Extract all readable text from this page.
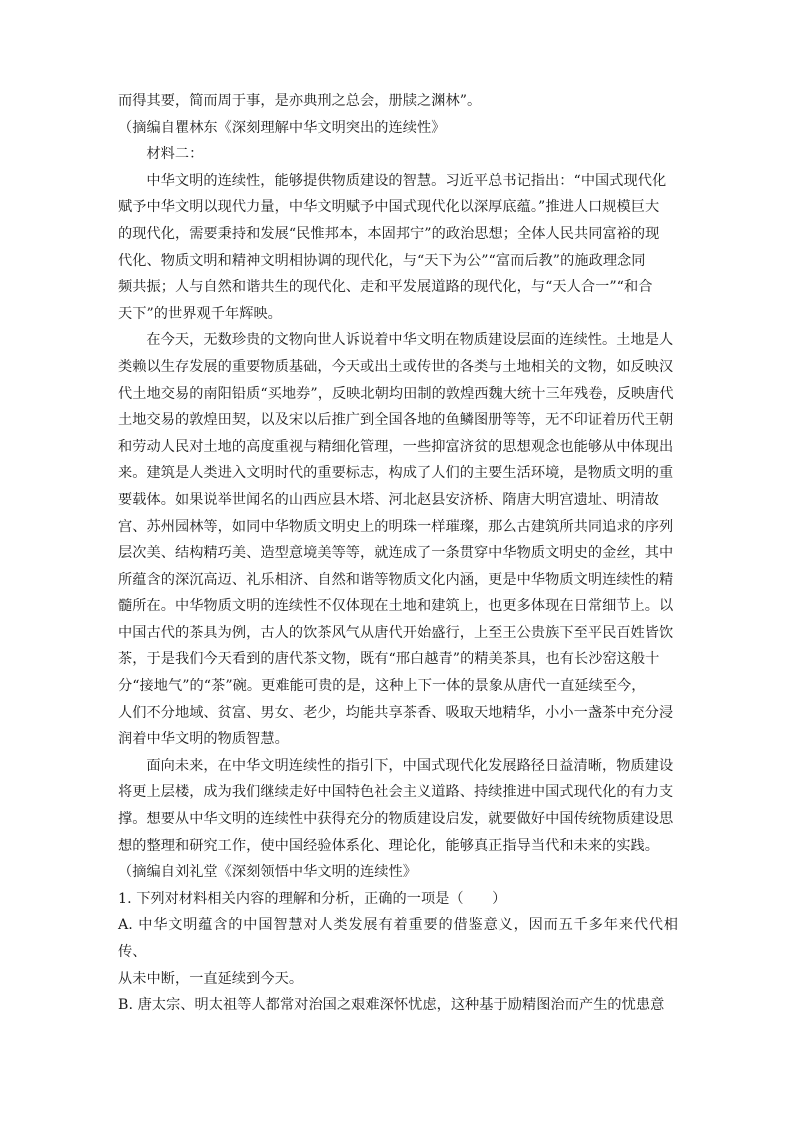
而得其要，简而周于事，是亦典刑之总会，册牍之渊林”。

（摘编自瞿林东《深刻理解中华文明突出的连续性》

材料二：

中华文明的连续性，能够提供物质建设的智慧。习近平总书记指出：“中国式现代化

赋予中华文明以现代力量，中华文明赋予中国式现代化以深厚底蕴。”推进人口规模巨大

的现代化，需要秉持和发展“民惟邦本，本固邦宁”的政治思想；全体人民共同富裕的现

代化、物质文明和精神文明相协调的现代化，与“天下为公”“富而后教”的施政理念同

频共振；人与自然和谐共生的现代化、走和平发展道路的现代化，与“天人合一”“和合

天下”的世界观千年辉映。

在今天，无数珍贵的文物向世人诉说着中华文明在物质建设层面的连续性。土地是人

类赖以生存发展的重要物质基础，今天或出土或传世的各类与土地相关的文物，如反映汉

代土地交易的南阳铅质“买地券”，反映北朝均田制的敦煌西魏大统十三年残卷，反映唐代

土地交易的敦煌田契，以及宋以后推广到全国各地的鱼鳞图册等等，无不印证着历代王朝

和劳动人民对土地的高度重视与精细化管理，一些抑富济贫的思想观念也能够从中体现出

来。建筑是人类进入文明时代的重要标志，构成了人们的主要生活环境，是物质文明的重

要载体。如果说举世闻名的山西应县木塔、河北赵县安济桥、隋唐大明宫遗址、明清故

宫、苏州园林等，如同中华物质文明史上的明珠一样璀璨，那么古建筑所共同追求的序列

层次美、结构精巧美、造型意境美等等，就连成了一条贯穿中华物质文明史的金丝，其中

所蕴含的深沉高迈、礼乐相济、自然和谐等物质文化内涵，更是中华物质文明连续性的精

髓所在。中华物质文明的连续性不仅体现在土地和建筑上，也更多体现在日常细节上。以

中国古代的茶具为例，古人的饮茶风气从唐代开始盛行，上至王公贵族下至平民百姓皆饮

茶，于是我们今天看到的唐代茶文物，既有“邢白越青”的精美茶具，也有长沙窑这般十

分“接地气”的“茶”碗。更难能可贵的是，这种上下一体的景象从唐代一直延续至今，

人们不分地域、贫富、男女、老少，均能共享茶香、吸取天地精华，小小一盏茶中充分浸

润着中华文明的物质智慧。

面向未来，在中华文明连续性的指引下，中国式现代化发展路径日益清晰，物质建设

将更上层楼，成为我们继续走好中国特色社会主义道路、持续推进中国式现代化的有力支

撑。想要从中华文明的连续性中获得充分的物质建设启发，就要做好中国传统物质建设思

想的整理和研究工作，使中国经验体系化、理论化，能够真正指导当代和未来的实践。

（摘编自刘礼堂《深刻领悟中华文明的连续性》

1. 下列对材料相关内容的理解和分析，正确的一项是（　　）

A. 中华文明蕴含的中国智慧对人类发展有着重要的借鉴意义，因而五千多年来代代相传、

从未中断，一直延续到今天。

B. 唐太宗、明太祖等人都常对治国之艰难深怀忧虑，这种基于励精图治而产生的忧患意
